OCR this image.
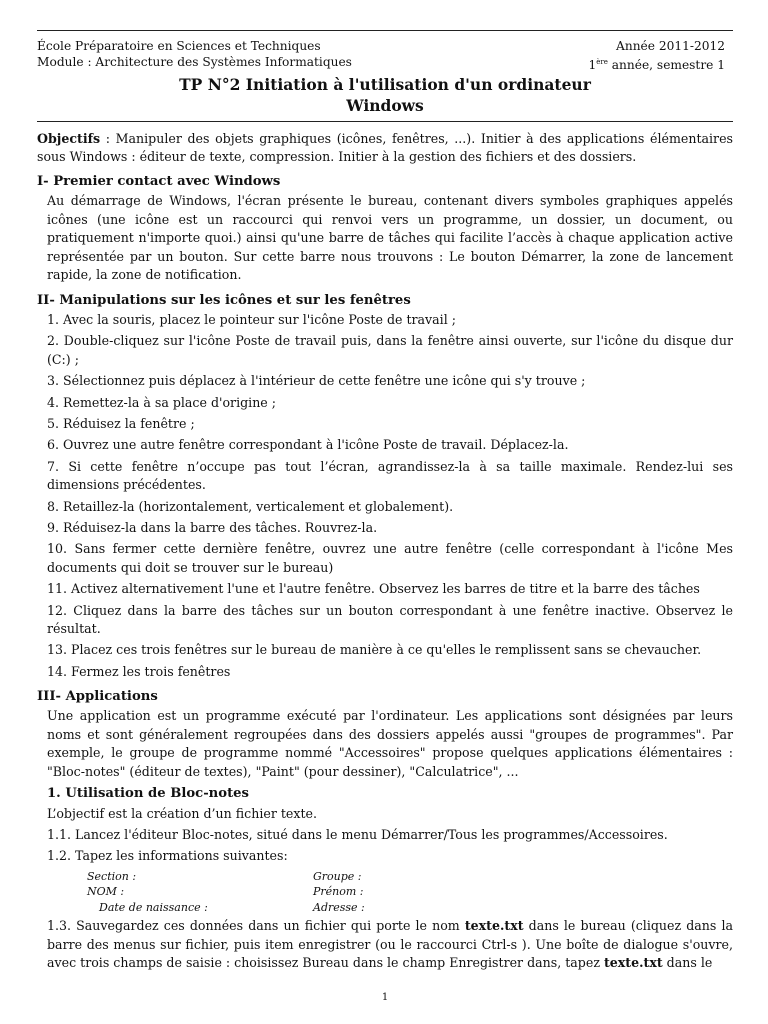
École Préparatoire en Sciences et Techniques	Année 2011-2012
Module : Architecture des Systèmes Informatiques	1ère année, semestre 1
TP N°2 Initiation à l'utilisation d'un ordinateur
Windows
Objectifs : Manipuler des objets graphiques (icônes, fenêtres, ...). Initier à des applications élémentaires sous Windows : éditeur de texte, compression. Initier à la gestion des fichiers et des dossiers.
I- Premier contact avec Windows
Au démarrage de Windows, l'écran présente le bureau, contenant divers symboles graphiques appelés icônes (une icône est un raccourci qui renvoi vers un programme, un dossier, un document, ou pratiquement n'importe quoi.) ainsi qu'une barre de tâches qui facilite l’accès à chaque application active représentée par un bouton. Sur cette barre nous trouvons : Le bouton Démarrer, la zone de lancement rapide, la zone de notification.
II- Manipulations sur les icônes et sur les fenêtres
1. Avec la souris, placez le pointeur sur l'icône Poste de travail ;
2. Double-cliquez sur l'icône Poste de travail puis, dans la fenêtre ainsi ouverte, sur l'icône du disque dur (C:) ;
3. Sélectionnez puis déplacez à l'intérieur de cette fenêtre une icône qui s'y trouve ;
4. Remettez-la à sa place d'origine ;
5. Réduisez la fenêtre ;
6. Ouvrez une autre fenêtre correspondant à l'icône Poste de travail. Déplacez-la.
7. Si cette fenêtre n’occupe pas tout l’écran, agrandissez-la à sa taille maximale. Rendez-lui ses dimensions précédentes.
8. Retaillez-la (horizontalement, verticalement et globalement).
9. Réduisez-la dans la barre des tâches. Rouvrez-la.
10. Sans fermer cette dernière fenêtre, ouvrez une autre fenêtre (celle correspondant à l'icône Mes documents qui doit se trouver sur le bureau)
11. Activez alternativement l'une et l'autre fenêtre. Observez les barres de titre et la barre des tâches
12. Cliquez dans la barre des tâches sur un bouton correspondant à une fenêtre inactive. Observez le résultat.
13. Placez ces trois fenêtres sur le bureau de manière à ce qu'elles le remplissent sans se chevaucher.
14. Fermez les trois fenêtres
III- Applications
Une application est un programme exécuté par l'ordinateur. Les applications sont désignées par leurs noms et sont généralement regroupées dans des dossiers appelés aussi "groupes de programmes". Par exemple, le groupe de programme nommé "Accessoires" propose quelques applications élémentaires : "Bloc-notes" (éditeur de textes), "Paint" (pour dessiner), "Calculatrice", ...
1. Utilisation de Bloc-notes
L’objectif est la création d’un fichier texte.
1.1. Lancez l'éditeur Bloc-notes, situé dans le menu Démarrer/Tous les programmes/Accessoires.
1.2. Tapez les informations suivantes:
Section :	Groupe :
NOM :	Prénom :
Date de naissance :	Adresse :
1.3. Sauvegardez ces données dans un fichier qui porte le nom texte.txt dans le bureau (cliquez dans la barre des menus sur fichier, puis item enregistrer (ou le raccourci Ctrl-s ). Une boîte de dialogue s'ouvre, avec trois champs de saisie : choisissez Bureau dans le champ Enregistrer dans, tapez texte.txt dans le
1
